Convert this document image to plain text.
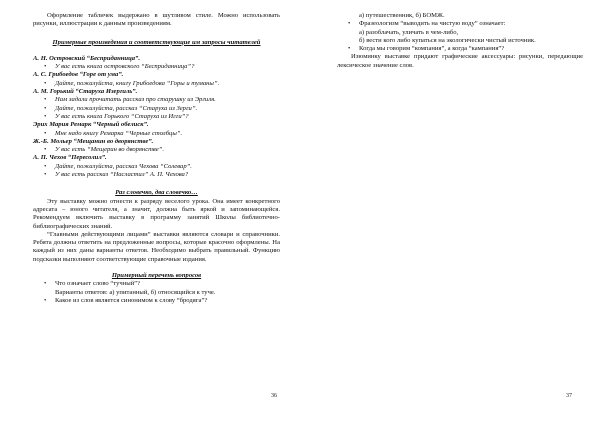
Оформление табличек выдержано в шутливом стиле. Можно использовать рисунки, иллюстрации к данным произведениям.

Примерные произведения и соответствующие им запросы читателей

А. Н. Островский “Бесприданница”.

• У вас есть книга островского “Бесприданница”?

А. С. Грибоедов “Горе от ума”.

• Дайте, пожалуйста, книгу Грибоедова “Горы и туманы”.

А. М. Горький “Старуха Изергиль”.

• Нам задали прочитать рассказ про старушку из Эргиля.
• Дайте, пожалуйста, рассказ “Старуха из Зерги”.
• У вас есть книга Горького “Старуха из Игги”?

Эрих Мария Ремарк “Черный обелиск”.

• Мне надо книгу Ремарка “Черные столбцы”.

Ж.-Б. Мольер “Мещанин во дворянстве”.

• У вас есть “Мещерин во дворянстве”.

А. П. Чехов “Пересолил”.

• Дайте, пожалуйста, рассказ Чехова “Солевар”.
• У вас есть рассказ “Насластил” А. П. Чехова?

Раз словечко, два словечко…

Эту выставку можно отнести к разряду веселого урока. Она имеет конкретного адресата – юного читателя, а значит, должна быть яркой и запоминающейся. Рекомендуем включить выставку в программу занятий Школы библиотечно-библиографических знаний.

“Главными действующими лицами” выставки являются словари и справочники. Ребята должны ответить на предложенные вопросы, которые красочно оформлены. На каждый из них даны варианты ответов. Необходимо выбрать правильный. Функцию подсказки выполняют соответствующие справочные издания.

Примерный перечень вопросов

• Что означает слово “тучный”?

Варианты ответов: а) упитанный, б) относящийся к туче.

• Какое из слов является синонимом к слову “бродяга”?
36

а) путешественник, б) БОМЖ.

• Фразеологизм “выводить на чистую воду” означает:

а) разоблачать, уличать в чем-либо,

б) вести кого либо купаться на экологически чистый источник.

• Когда мы говорим “компания”, а когда “кампания”?

Изюминку выставке придают графические аксессуары: рисунки, передающие лексическое значение слов.

37
